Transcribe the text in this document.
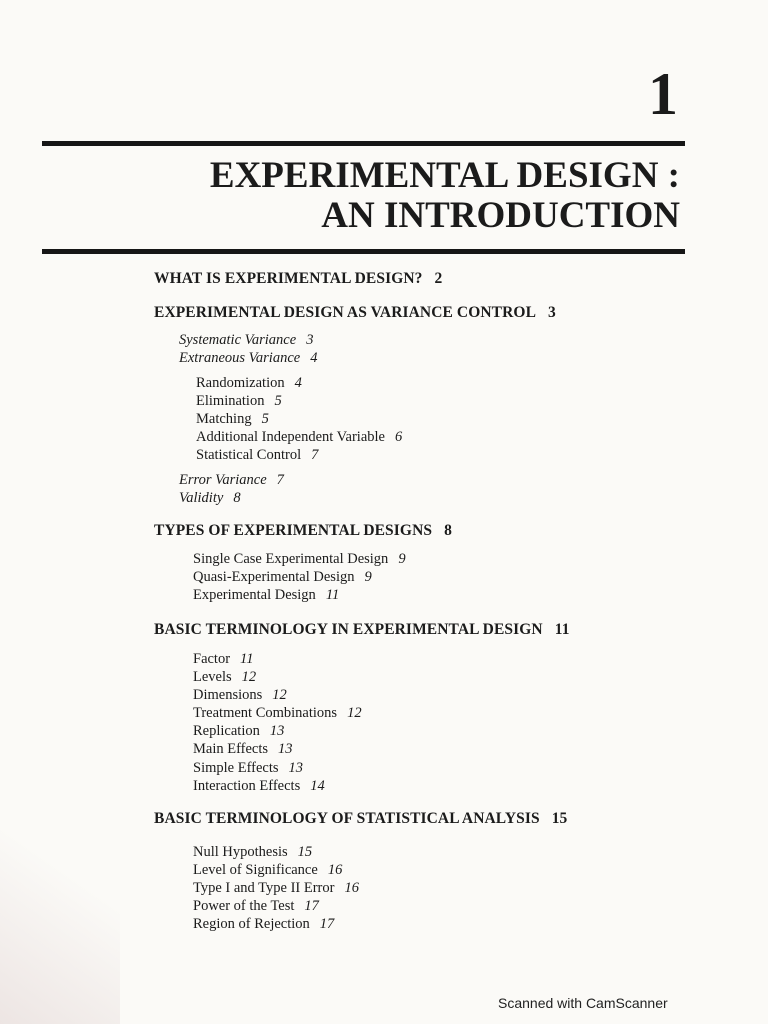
1
EXPERIMENTAL DESIGN :
AN INTRODUCTION
WHAT IS EXPERIMENTAL DESIGN? 2
EXPERIMENTAL DESIGN AS VARIANCE CONTROL 3
Systematic Variance 3
Extraneous Variance 4
Randomization 4
Elimination 5
Matching 5
Additional Independent Variable 6
Statistical Control 7
Error Variance 7
Validity 8
TYPES OF EXPERIMENTAL DESIGNS 8
Single Case Experimental Design 9
Quasi-Experimental Design 9
Experimental Design 11
BASIC TERMINOLOGY IN EXPERIMENTAL DESIGN 11
Factor 11
Levels 12
Dimensions 12
Treatment Combinations 12
Replication 13
Main Effects 13
Simple Effects 13
Interaction Effects 14
BASIC TERMINOLOGY OF STATISTICAL ANALYSIS 15
Null Hypothesis 15
Level of Significance 16
Type I and Type II Error 16
Power of the Test 17
Region of Rejection 17
Scanned with CamScanner
